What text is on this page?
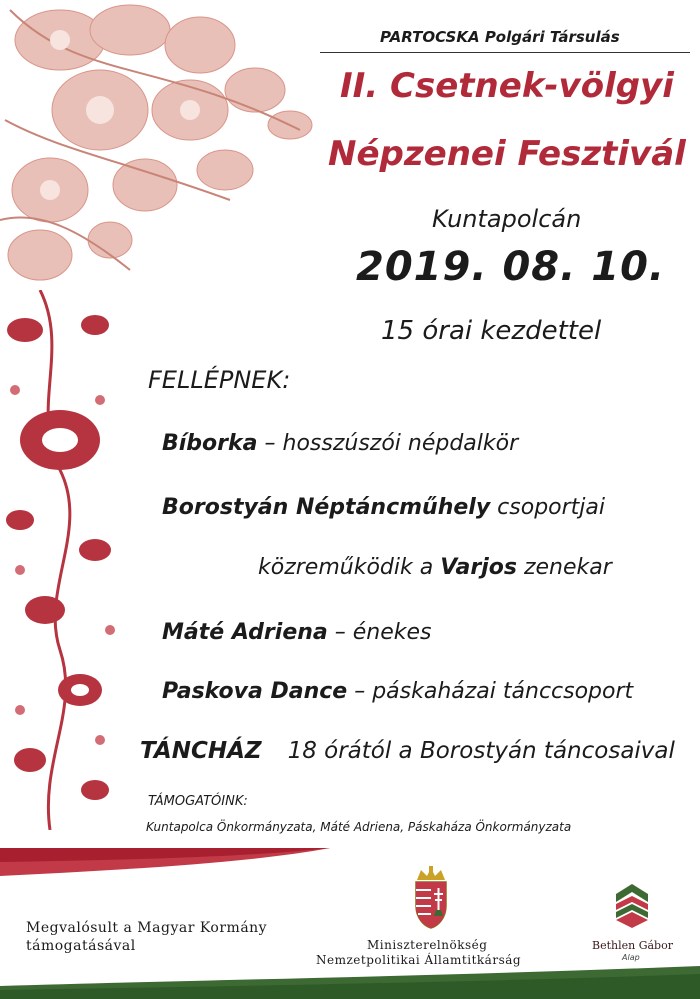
PARTOCSKA Polgári Társulás
II. Csetnek-völgyi
Népzenei Fesztivál
Kuntapolcán
2019. 08. 10.
15 órai kezdettel
FELLÉPNEK:
Bíborka – hosszúszói népdalkör
Borostyán Néptáncműhely csoportjai
közreműködik a Varjos zenekar
Máté Adriena – énekes
Paskova Dance – páskaházai tánccsoport
TÁNCHÁZ 18 órától a Borostyán táncosaival
TÁMOGATÓINK:
Kuntapolca Önkormányzata, Máté Adriena, Páskaháza Önkormányzata
Megvalósult a Magyar Kormány
támogatásával	Miniszterelnökség
Nemzetpolitikai Államtitkárság
Bethlen Gábor
Alap
